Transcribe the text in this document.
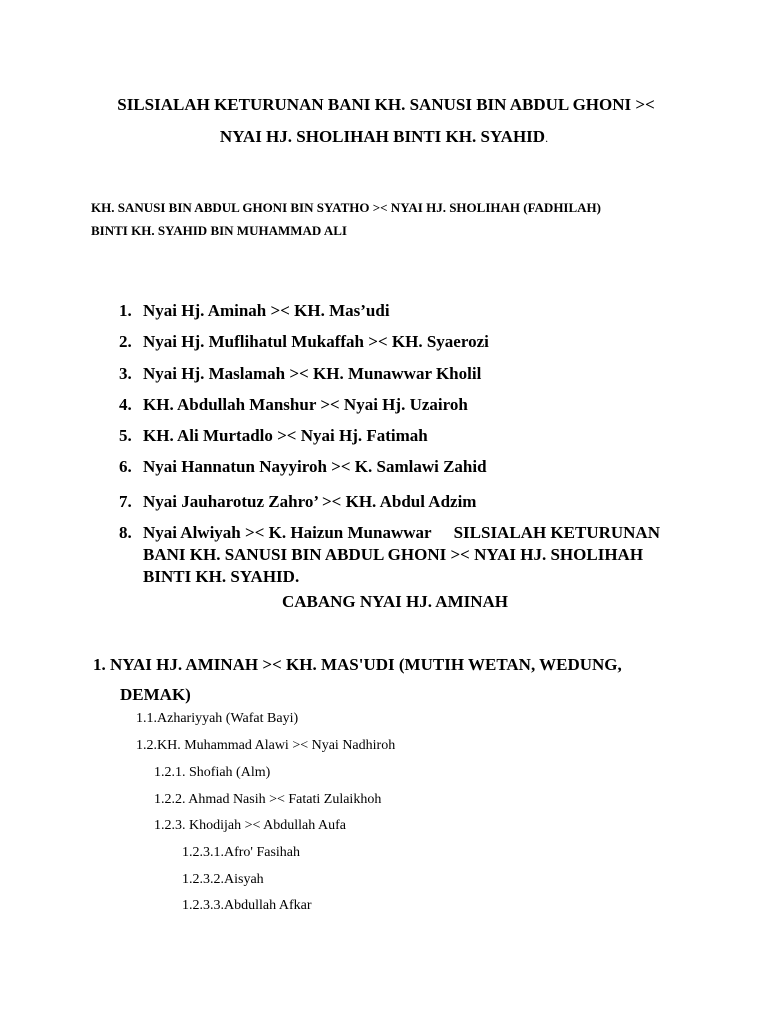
SILSIALAH KETURUNAN BANI KH. SANUSI BIN ABDUL GHONI ><
NYAI HJ. SHOLIHAH BINTI KH. SYAHID.
KH. SANUSI BIN ABDUL GHONI BIN SYATHO >< NYAI HJ. SHOLIHAH (FADHILAH)
BINTI KH. SYAHID BIN MUHAMMAD ALI
1. Nyai Hj. Aminah >< KH. Mas’udi
2. Nyai Hj. Muflihatul Mukaffah >< KH. Syaerozi
3. Nyai Hj. Maslamah >< KH. Munawwar Kholil
4. KH. Abdullah Manshur >< Nyai Hj. Uzairoh
5. KH. Ali Murtadlo >< Nyai Hj. Fatimah
6. Nyai Hannatun Nayyiroh >< K. Samlawi Zahid
7. Nyai Jauharotuz Zahro’ >< KH. Abdul Adzim
8. Nyai Alwiyah >< K. Haizun Munawwar SILSIALAH KETURUNAN
BANI KH. SANUSI BIN ABDUL GHONI >< NYAI HJ. SHOLIHAH
BINTI KH. SYAHID.
CABANG NYAI HJ. AMINAH
1. NYAI HJ. AMINAH >< KH. MAS'UDI (MUTIH WETAN, WEDUNG,
DEMAK)
1.1.Azhariyyah (Wafat Bayi)
1.2.KH. Muhammad Alawi >< Nyai Nadhiroh
1.2.1. Shofiah (Alm)
1.2.2. Ahmad Nasih >< Fatati Zulaikhoh
1.2.3. Khodijah >< Abdullah Aufa
1.2.3.1.Afro' Fasihah
1.2.3.2.Aisyah
1.2.3.3.Abdullah Afkar
